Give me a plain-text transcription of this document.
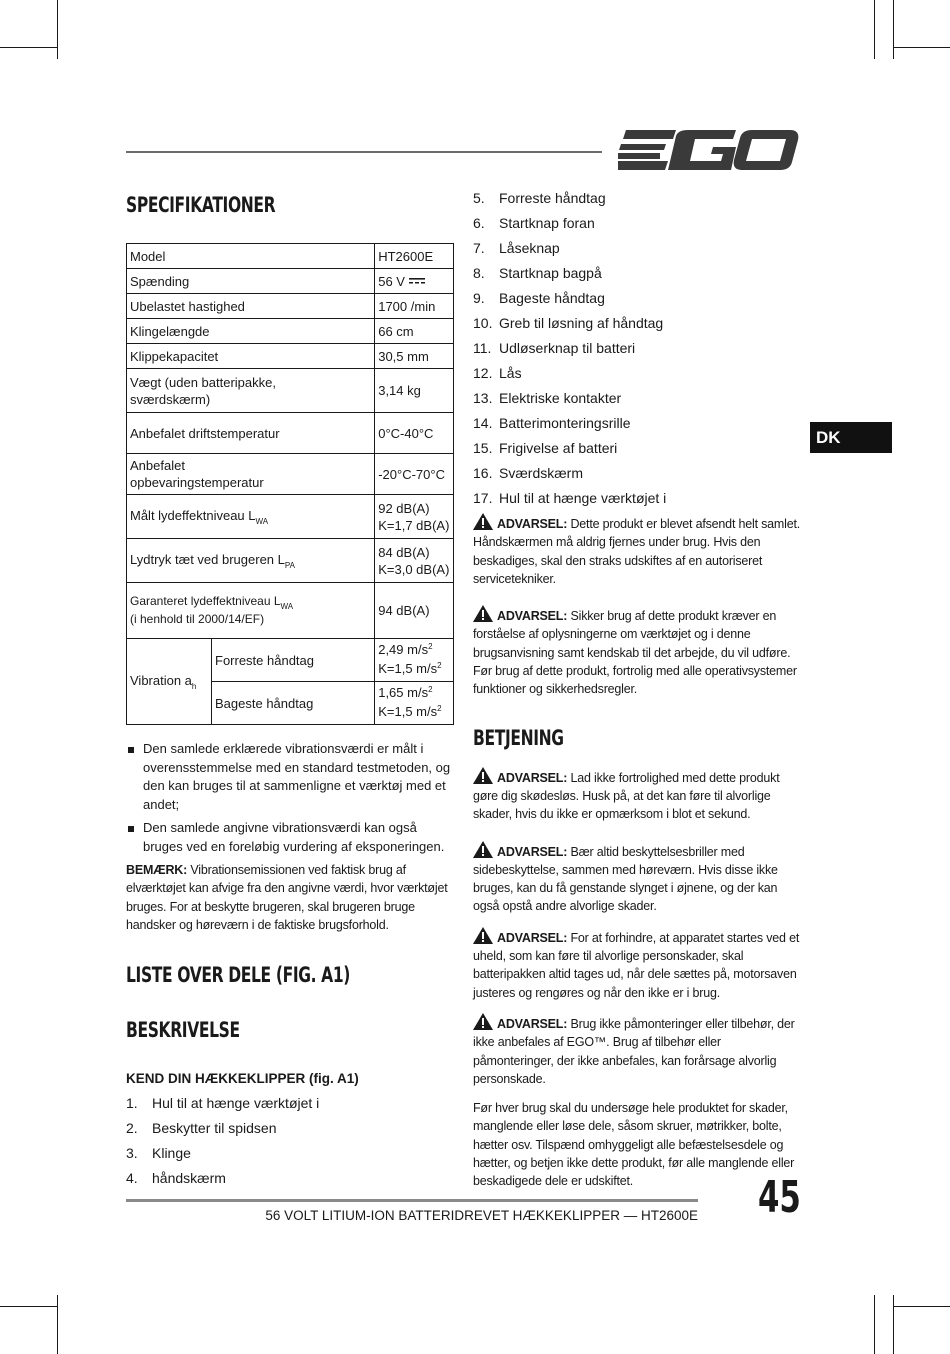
DK
SPECIFIKATIONER
Model		HT2600E
Spænding		56 V
Ubelastet hastighed		1700 /min
Klingelængde		66 cm
Klippekapacitet		30,5 mm
Vægt (uden batteripakke, sværdskærm)		3,14 kg
Anbefalet driftstemperatur		0°C-40°C
Anbefalet opbevaringstemperatur		-20°C-70°C
Målt lydeffektniveau $L_{WA}$		92 dB(A)
K=1,7 dB(A)

Lydtryk tæt ved brugeren $L_{PA}$		84 dB(A)
K=3,0 dB(A)

Garanteret lydeffektniveau $L_{WA}$
(i henhold til 2000/14/EF)		94 dB(A)
Vibration $a_h$	Forreste håndtag	2,49 $m/s^2$
K=1,5 $m/s^2$

	Bageste håndtag	1,65 $m/s^2$
K=1,5 $m/s^2$
Den samlede erklærede vibrationsværdi er målt i overensstemmelse med en standard testmetoden, og den kan bruges til at sammenligne et værktøj med et andet;
Den samlede angivne vibrationsværdi kan også bruges ved en foreløbig vurdering af eksponeringen.

BEMÆRK: Vibrationsemissionen ved faktisk brug af elværktøjet kan afvige fra den angivne værdi, hvor værktøjet bruges. For at beskytte brugeren, skal brugeren bruge handsker og høreværn i de faktiske brugsforhold.

LISTE OVER DELE (FIG. A1)
BESKRIVELSE
KEND DIN HÆKKEKLIPPER (fig. A1)
1. Hul til at hænge værktøjet i
2. Beskytter til spidsen
3. Klinge
4. håndskærm
5. Forreste håndtag
6. Startknap foran
7. Låseknap
8. Startknap bagpå
9. Bageste håndtag
10. Greb til løsning af håndtag
11. Udløserknap til batteri
12. Lås
13. Elektriske kontakter
14. Batterimonteringsrille
15. Frigivelse af batteri
16. Sværdskærm
17. Hul til at hænge værktøjet i

ADVARSEL: Dette produkt er blevet afsendt helt samlet. Håndskærmen må aldrig fjernes under brug. Hvis den beskadiges, skal den straks udskiftes af en autoriseret servicetekniker.

ADVARSEL: Sikker brug af dette produkt kræver en forståelse af oplysningerne om værktøjet og i denne brugsanvisning samt kendskab til det arbejde, du vil udføre. Før brug af dette produkt, fortrolig med alle operativsystemer funktioner og sikkerhedsregler.

BETJENING

ADVARSEL: Lad ikke fortrolighed med dette produkt gøre dig skødesløs. Husk på, at det kan føre til alvorlige skader, hvis du ikke er opmærksom i blot et sekund.

ADVARSEL: Bær altid beskyttelsesbriller med sidebeskyttelse, sammen med høreværn. Hvis disse ikke bruges, kan du få genstande slynget i øjnene, og der kan også opstå andre alvorlige skader.

ADVARSEL: For at forhindre, at apparatet startes ved et uheld, som kan føre til alvorlige personskader, skal batteripakken altid tages ud, når dele sættes på, motorsaven justeres og rengøres og når den ikke er i brug.

ADVARSEL: Brug ikke påmonteringer eller tilbehør, der ikke anbefales af EGO™. Brug af tilbehør eller påmonteringer, der ikke anbefales, kan forårsage alvorlig personskade.

Før hver brug skal du undersøge hele produktet for skader, manglende eller løse dele, såsom skruer, møtrikker, bolte, hætter osv. Tilspænd omhyggeligt alle befæstelsesdele og hætter, og betjen ikke dette produkt, før alle manglende eller beskadigede dele er udskiftet.

56 VOLT LITIUM-ION BATTERIDREVET HÆKKEKLIPPER — HT2600E 45
